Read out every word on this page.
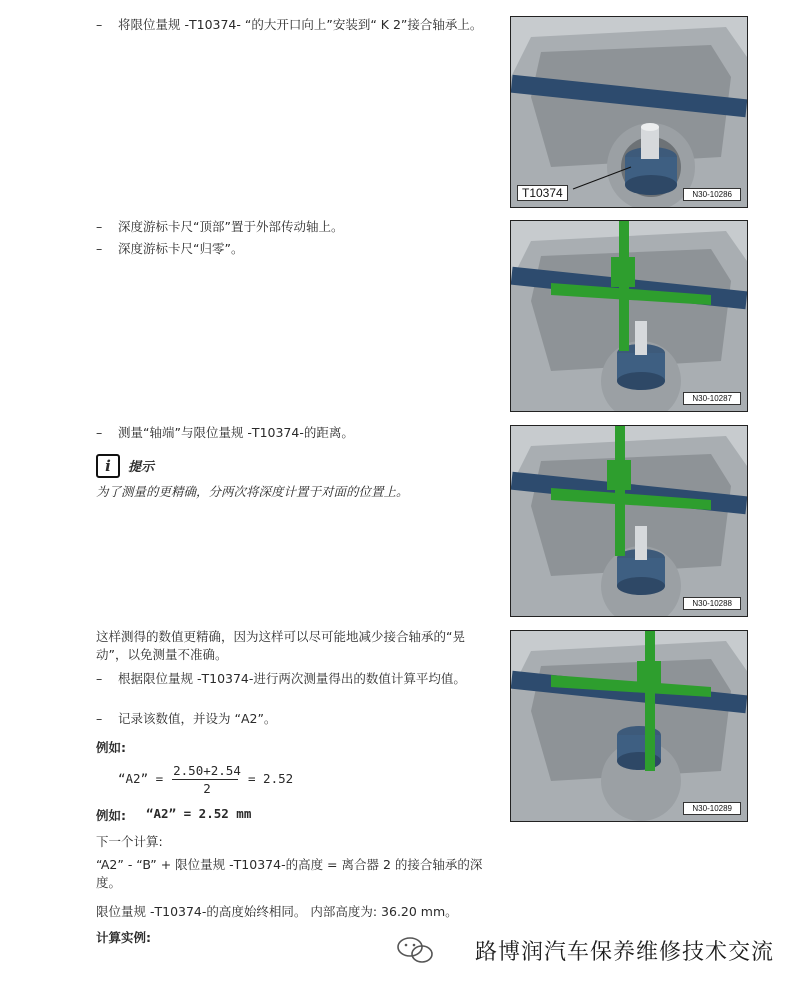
– 将限位量规 -T10374- “的大开口向上”安装到“ K 2”接合轴承上。
T10374	N30-10286
– 深度游标卡尺“顶部”置于外部传动轴上。
– 深度游标卡尺“归零”。
N30-10287
– 测量“轴端”与限位量规 -T10374-的距离。
i	提示
为了测量的更精确，分两次将深度计置于对面的位置上。
N30-10288
这样测得的数值更精确，因为这样可以尽可能地减少接合轴承的“晃动”，以免测量不准确。
– 根据限位量规 -T10374-进行两次测量得出的数值计算平均值。
– 记录该数值，并设为 “A2”。
例如:
“A2” =
2.50+2.54
2
= 2.52
例如: “A2” = 2.52 mm	N30-10289
下一个计算:
“A2” - “B” + 限位量规 -T10374-的高度 = 离合器 2 的接合轴承的深度。
限位量规 -T10374-的高度始终相同。 内部高度为: 36.20 mm。
计算实例:
路博润汽车保养维修技术交流
